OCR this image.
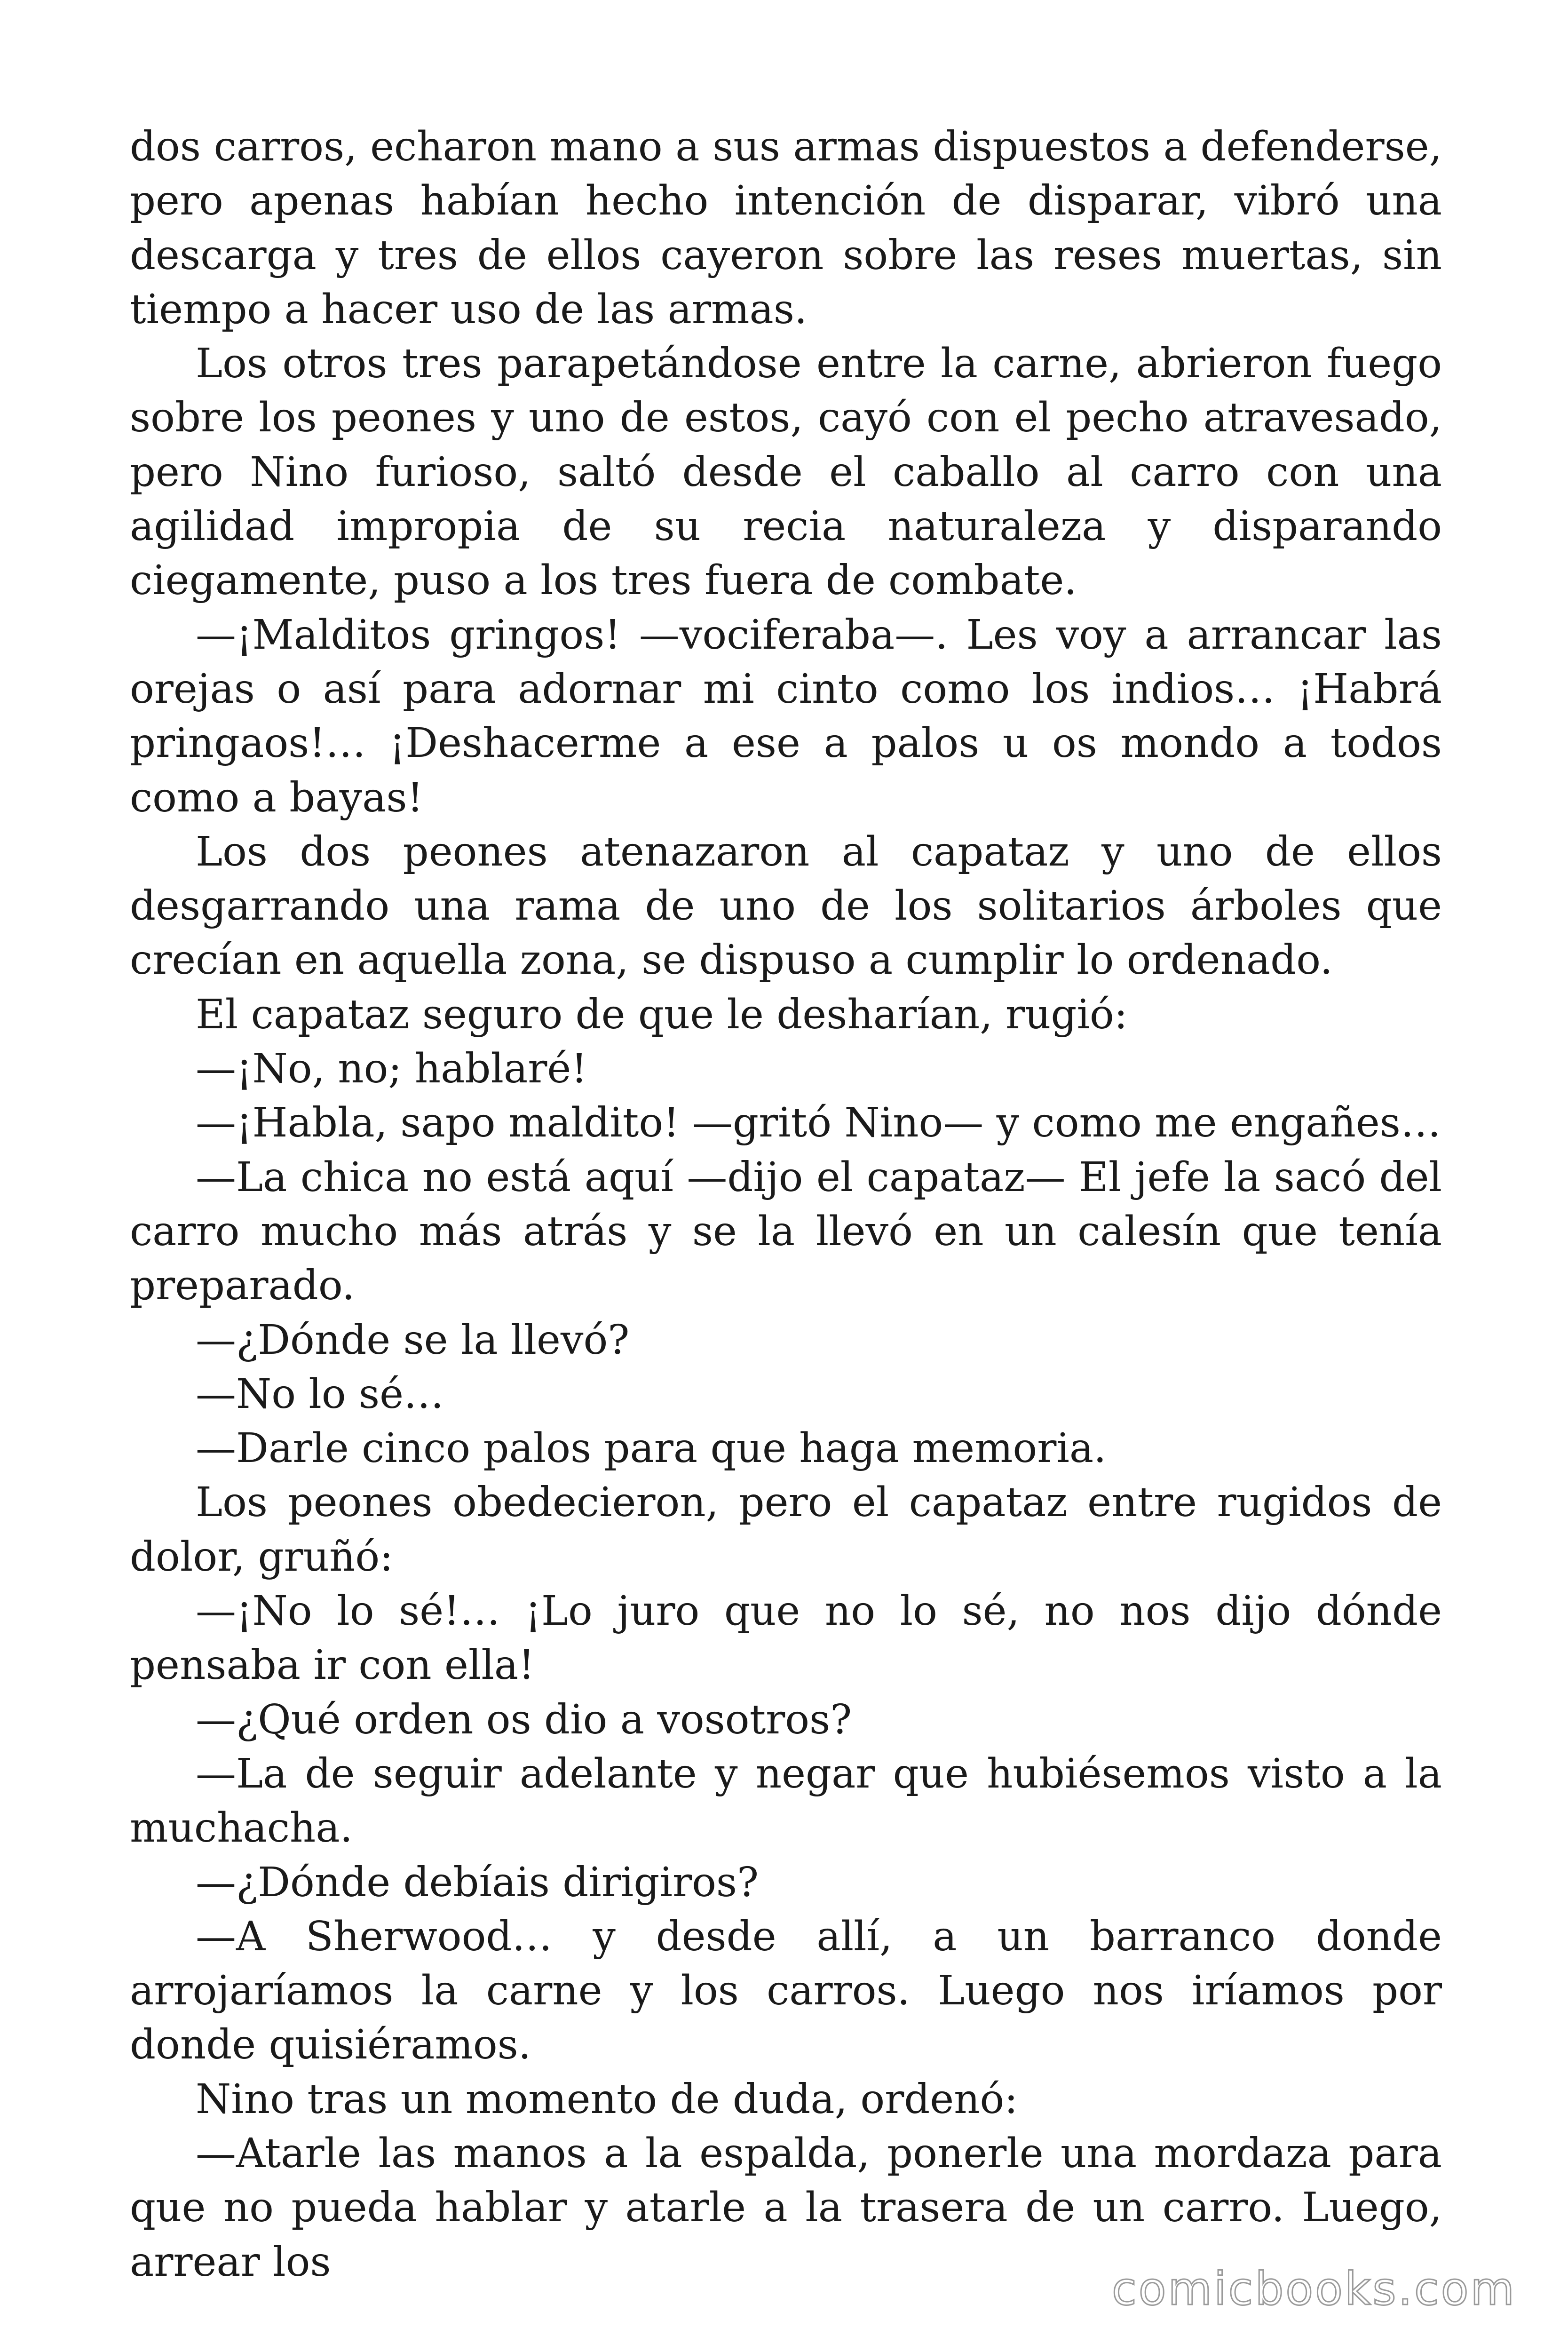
dos carros, echaron mano a sus armas dispuestos a defenderse, pero apenas habían hecho intención de disparar, vibró una descarga y tres de ellos cayeron sobre las reses muertas, sin tiempo a hacer uso de las armas.

Los otros tres parapetándose entre la carne, abrieron fuego sobre los peones y uno de estos, cayó con el pecho atravesado, pero Nino furioso, saltó desde el caballo al carro con una agilidad impropia de su recia naturaleza y disparando ciegamente, puso a los tres fuera de combate.

—¡Malditos gringos! —vociferaba—. Les voy a arrancar las orejas o así para adornar mi cinto como los indios… ¡Habrá pringaos!… ¡Deshacerme a ese a palos u os mondo a todos como a bayas!

Los dos peones atenazaron al capataz y uno de ellos desgarrando una rama de uno de los solitarios árboles que crecían en aquella zona, se dispuso a cumplir lo ordenado.

El capataz seguro de que le desharían, rugió:

—¡No, no; hablaré!

—¡Habla, sapo maldito! —gritó Nino— y como me engañes…

—La chica no está aquí —dijo el capataz— El jefe la sacó del carro mucho más atrás y se la llevó en un calesín que tenía preparado.

—¿Dónde se la llevó?

—No lo sé…

—Darle cinco palos para que haga memoria.

Los peones obedecieron, pero el capataz entre rugidos de dolor, gruñó:

—¡No lo sé!… ¡Lo juro que no lo sé, no nos dijo dónde pensaba ir con ella!

—¿Qué orden os dio a vosotros?

—La de seguir adelante y negar que hubiésemos visto a la muchacha.

—¿Dónde debíais dirigiros?

—A Sherwood… y desde allí, a un barranco donde arrojaríamos la carne y los carros. Luego nos iríamos por donde quisiéramos.

Nino tras un momento de duda, ordenó:

—Atarle las manos a la espalda, ponerle una mordaza para que no pueda hablar y atarle a la trasera de un carro. Luego, arrear los

comicbooks.com
